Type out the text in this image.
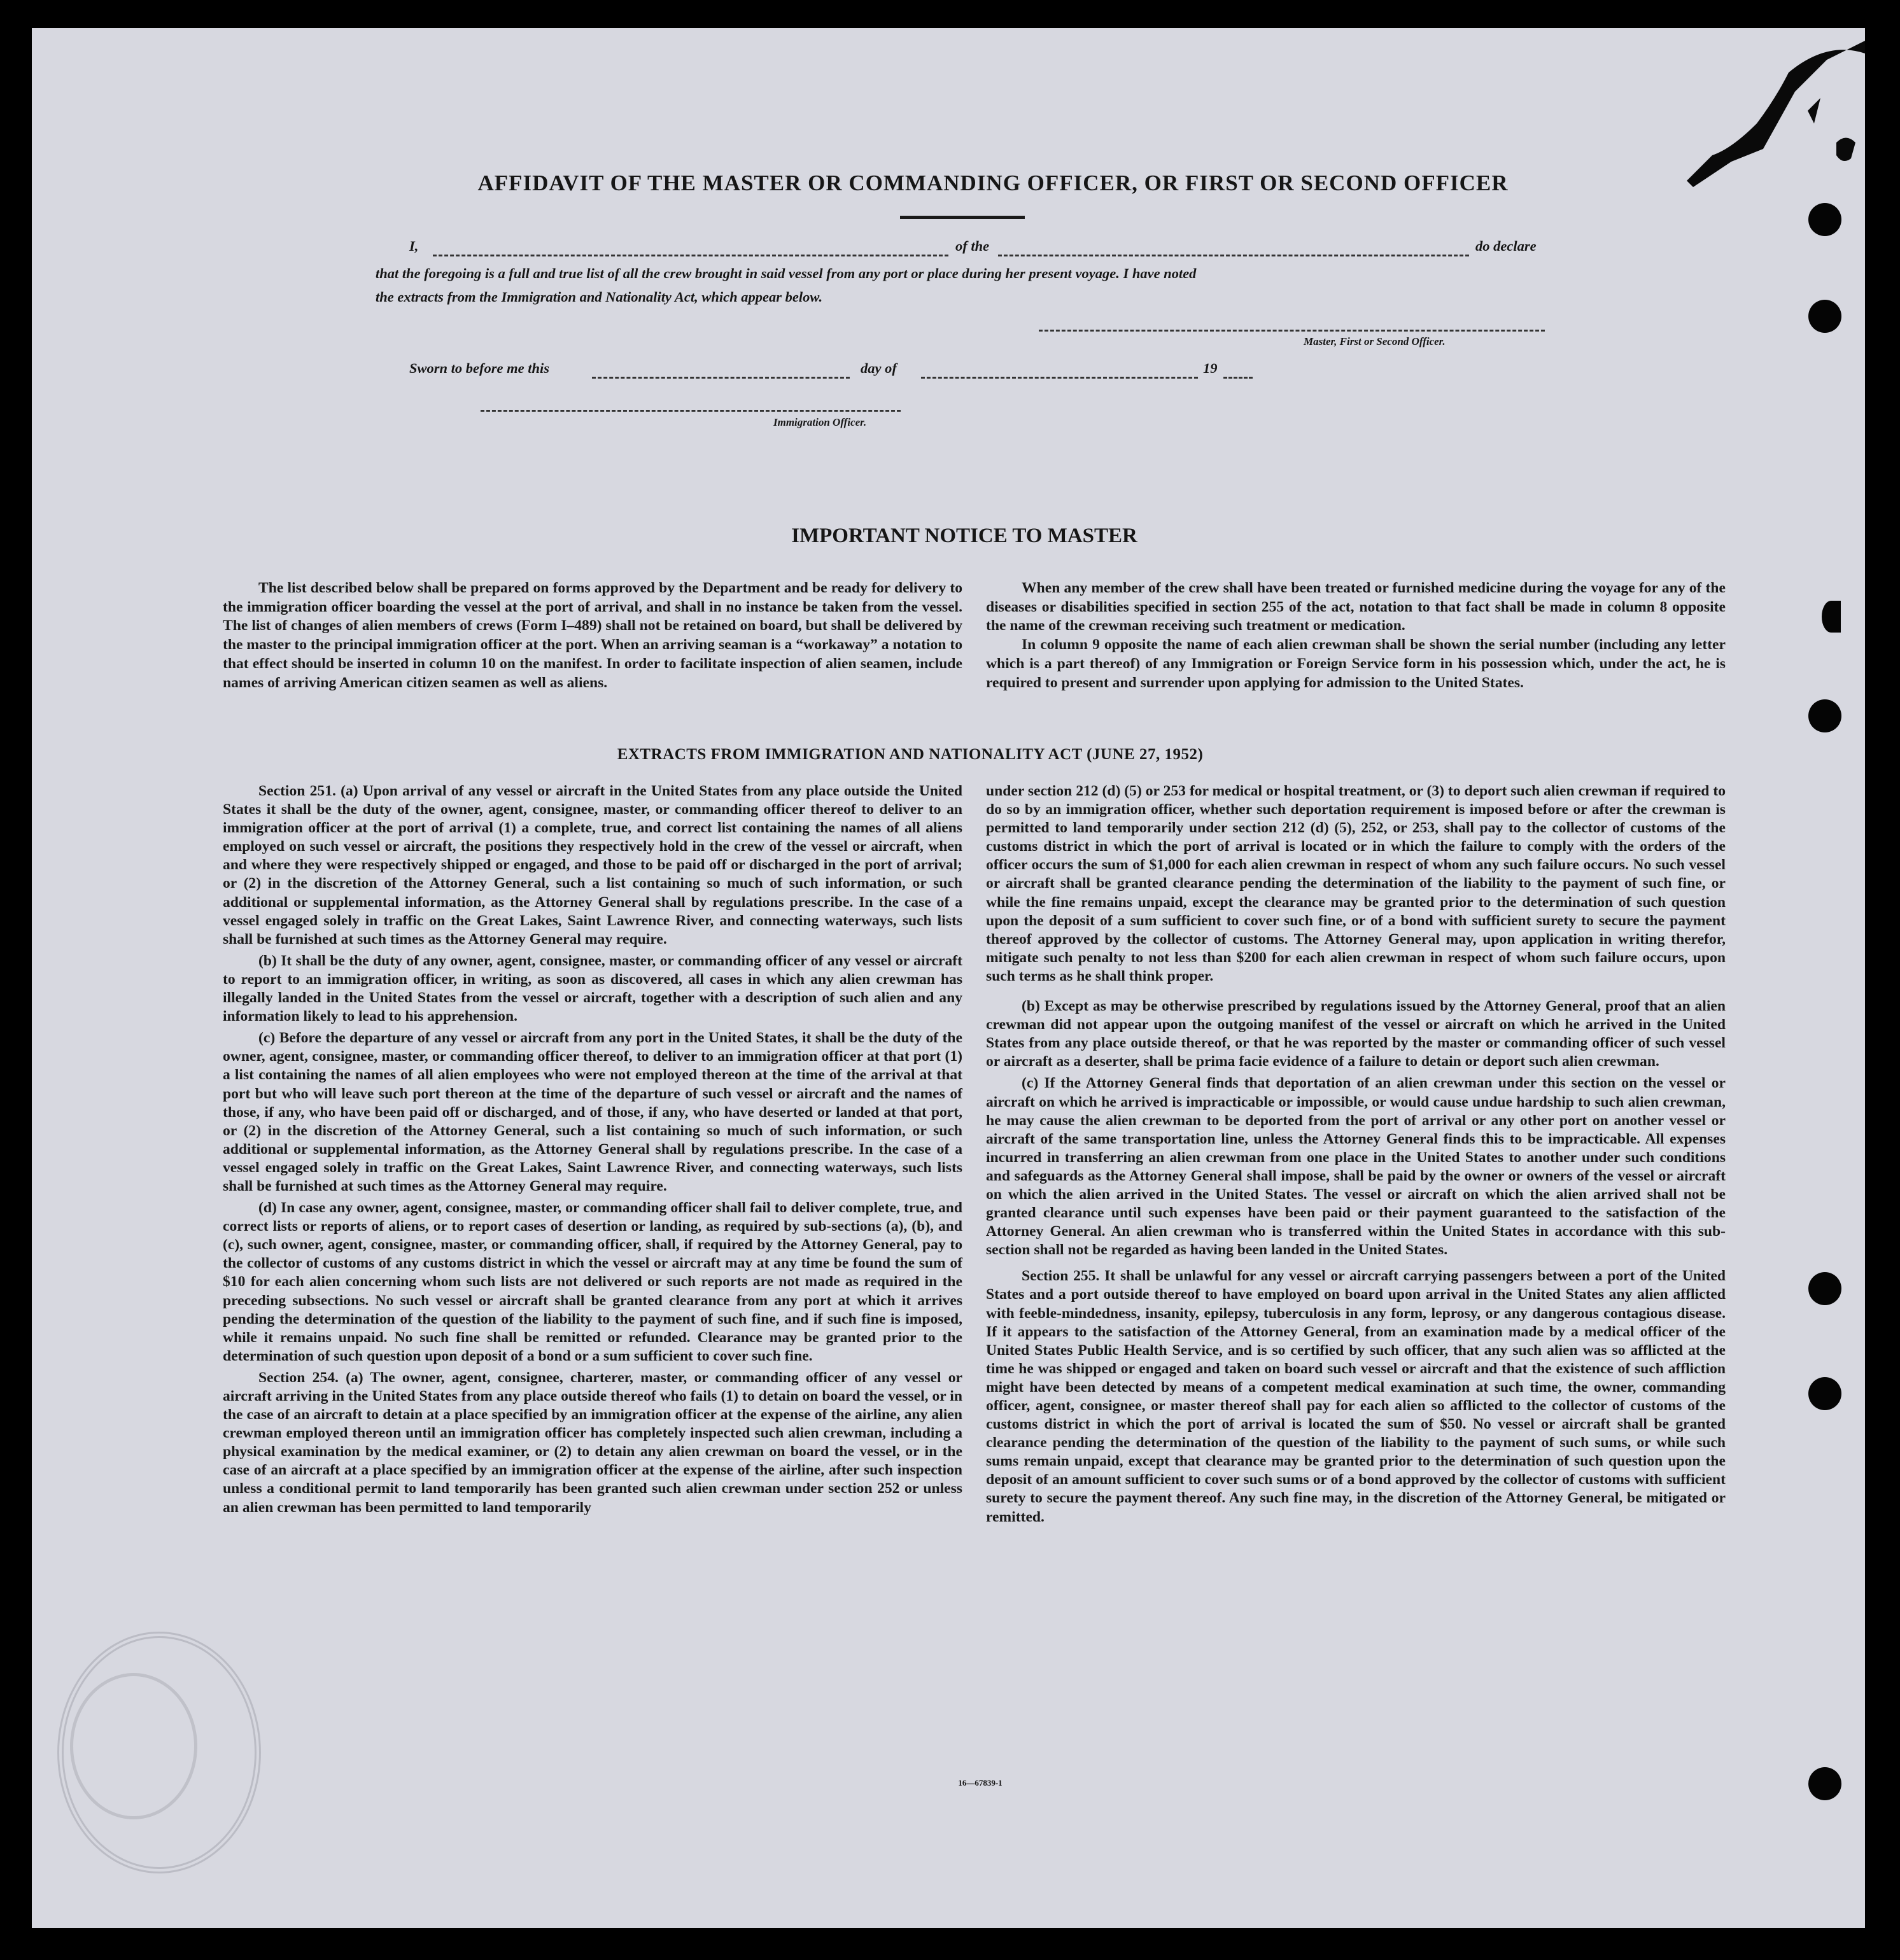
AFFIDAVIT OF THE MASTER OR COMMANDING OFFICER, OR FIRST OR SECOND OFFICER
I,	of the	do declare
that the foregoing is a full and true list of all the crew brought in said vessel from any port or place during her present voyage. I have noted
the extracts from the Immigration and Nationality Act, which appear below.
Master, First or Second Officer.
Sworn to before me this	day of	19
Immigration Officer.
IMPORTANT NOTICE TO MASTER

The list described below shall be prepared on forms approved by the Department and be ready for delivery to the immigration officer boarding the vessel at the port of arrival, and shall in no instance be taken from the vessel. The list of changes of alien members of crews (Form I–489) shall not be retained on board, but shall be delivered by the master to the principal immigration officer at the port. When an arriving seaman is a “workaway” a notation to that effect should be inserted in column 10 on the manifest. In order to facilitate inspection of alien seamen, include names of arriving American citizen seamen as well as aliens.

When any member of the crew shall have been treated or furnished medicine during the voyage for any of the diseases or disabilities specified in section 255 of the act, notation to that fact shall be made in column 8 opposite the name of the crewman receiving such treatment or medication.

In column 9 opposite the name of each alien crewman shall be shown the serial number (including any letter which is a part thereof) of any Immigration or Foreign Service form in his possession which, under the act, he is required to present and surrender upon applying for admission to the United States.

EXTRACTS FROM IMMIGRATION AND NATIONALITY ACT (JUNE 27, 1952)

Section 251. (a) Upon arrival of any vessel or aircraft in the United States from any place outside the United States it shall be the duty of the owner, agent, consignee, master, or commanding officer thereof to deliver to an immigration officer at the port of arrival (1) a complete, true, and correct list containing the names of all aliens employed on such vessel or aircraft, the positions they respectively hold in the crew of the vessel or aircraft, when and where they were respectively shipped or engaged, and those to be paid off or discharged in the port of arrival; or (2) in the discretion of the Attorney General, such a list containing so much of such information, or such additional or supplemental information, as the Attorney General shall by regulations prescribe. In the case of a vessel engaged solely in traffic on the Great Lakes, Saint Lawrence River, and connecting waterways, such lists shall be furnished at such times as the Attorney General may require.

(b) It shall be the duty of any owner, agent, consignee, master, or commanding officer of any vessel or aircraft to report to an immigration officer, in writing, as soon as discovered, all cases in which any alien crewman has illegally landed in the United States from the vessel or aircraft, together with a description of such alien and any information likely to lead to his apprehension.

(c) Before the departure of any vessel or aircraft from any port in the United States, it shall be the duty of the owner, agent, consignee, master, or commanding officer thereof, to deliver to an immigration officer at that port (1) a list containing the names of all alien employees who were not employed thereon at the time of the arrival at that port but who will leave such port thereon at the time of the departure of such vessel or aircraft and the names of those, if any, who have been paid off or discharged, and of those, if any, who have deserted or landed at that port, or (2) in the discretion of the Attorney General, such a list containing so much of such information, or such additional or supplemental information, as the Attorney General shall by regulations prescribe. In the case of a vessel engaged solely in traffic on the Great Lakes, Saint Lawrence River, and connecting waterways, such lists shall be furnished at such times as the Attorney General may require.

(d) In case any owner, agent, consignee, master, or commanding officer shall fail to deliver complete, true, and correct lists or reports of aliens, or to report cases of desertion or landing, as required by sub-sections (a), (b), and (c), such owner, agent, consignee, master, or commanding officer, shall, if required by the Attorney General, pay to the collector of customs of any customs district in which the vessel or aircraft may at any time be found the sum of $10 for each alien concerning whom such lists are not delivered or such reports are not made as required in the preceding subsections. No such vessel or aircraft shall be granted clearance from any port at which it arrives pending the determination of the question of the liability to the payment of such fine, and if such fine is imposed, while it remains unpaid. No such fine shall be remitted or refunded. Clearance may be granted prior to the determination of such question upon deposit of a bond or a sum sufficient to cover such fine.

Section 254. (a) The owner, agent, consignee, charterer, master, or commanding officer of any vessel or aircraft arriving in the United States from any place outside thereof who fails (1) to detain on board the vessel, or in the case of an aircraft to detain at a place specified by an immigration officer at the expense of the airline, any alien crewman employed thereon until an immigration officer has completely inspected such alien crewman, including a physical examination by the medical examiner, or (2) to detain any alien crewman on board the vessel, or in the case of an aircraft at a place specified by an immigration officer at the expense of the airline, after such inspection unless a conditional permit to land temporarily has been granted such alien crewman under section 252 or unless an alien crewman has been permitted to land temporarily

under section 212 (d) (5) or 253 for medical or hospital treatment, or (3) to deport such alien crewman if required to do so by an immigration officer, whether such deportation requirement is imposed before or after the crewman is permitted to land temporarily under section 212 (d) (5), 252, or 253, shall pay to the collector of customs of the customs district in which the port of arrival is located or in which the failure to comply with the orders of the officer occurs the sum of $1,000 for each alien crewman in respect of whom any such failure occurs. No such vessel or aircraft shall be granted clearance pending the determination of the liability to the payment of such fine, or while the fine remains unpaid, except the clearance may be granted prior to the determination of such question upon the deposit of a sum sufficient to cover such fine, or of a bond with sufficient surety to secure the payment thereof approved by the collector of customs. The Attorney General may, upon application in writing therefor, mitigate such penalty to not less than $200 for each alien crewman in respect of whom such failure occurs, upon such terms as he shall think proper.

(b) Except as may be otherwise prescribed by regulations issued by the Attorney General, proof that an alien crewman did not appear upon the outgoing manifest of the vessel or aircraft on which he arrived in the United States from any place outside thereof, or that he was reported by the master or commanding officer of such vessel or aircraft as a deserter, shall be prima facie evidence of a failure to detain or deport such alien crewman.

(c) If the Attorney General finds that deportation of an alien crewman under this section on the vessel or aircraft on which he arrived is impracticable or impossible, or would cause undue hardship to such alien crewman, he may cause the alien crewman to be deported from the port of arrival or any other port on another vessel or aircraft of the same transportation line, unless the Attorney General finds this to be impracticable. All expenses incurred in transferring an alien crewman from one place in the United States to another under such conditions and safeguards as the Attorney General shall impose, shall be paid by the owner or owners of the vessel or aircraft on which the alien arrived in the United States. The vessel or aircraft on which the alien arrived shall not be granted clearance until such expenses have been paid or their payment guaranteed to the satisfaction of the Attorney General. An alien crewman who is transferred within the United States in accordance with this sub-section shall not be regarded as having been landed in the United States.

Section 255. It shall be unlawful for any vessel or aircraft carrying passengers between a port of the United States and a port outside thereof to have employed on board upon arrival in the United States any alien afflicted with feeble-mindedness, insanity, epilepsy, tuberculosis in any form, leprosy, or any dangerous contagious disease. If it appears to the satisfaction of the Attorney General, from an examination made by a medical officer of the United States Public Health Service, and is so certified by such officer, that any such alien was so afflicted at the time he was shipped or engaged and taken on board such vessel or aircraft and that the existence of such affliction might have been detected by means of a competent medical examination at such time, the owner, commanding officer, agent, consignee, or master thereof shall pay for each alien so afflicted to the collector of customs of the customs district in which the port of arrival is located the sum of $50. No vessel or aircraft shall be granted clearance pending the determination of the question of the liability to the payment of such sums, or while such sums remain unpaid, except that clearance may be granted prior to the determination of such question upon the deposit of an amount sufficient to cover such sums or of a bond approved by the collector of customs with sufficient surety to secure the payment thereof. Any such fine may, in the discretion of the Attorney General, be mitigated or remitted.

16—67839-1
